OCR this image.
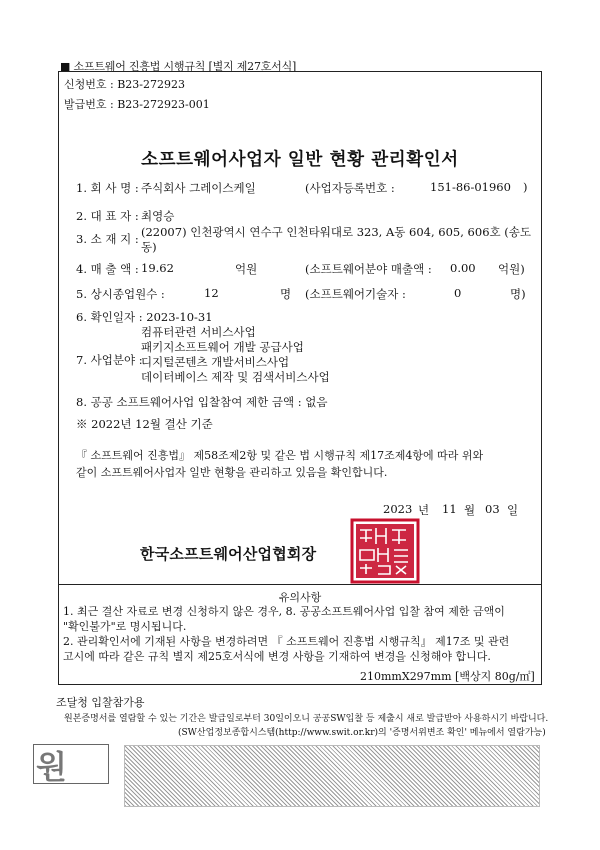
■ 소프트웨어 진흥법 시행규칙 [별지 제27호서식]
신청번호 : B23-272923
발급번호 : B23-272923-001
소프트웨어사업자 일반 현황 관리확인서
1. 회 사 명 : 주식회사 그레이스케일	(사업자등록번호 :	151-86-01960 )
2. 대 표 자 : 최영승
3. 소 재 지 : (22007) 인천광역시 연수구 인천타워대로 323, A동 604, 605, 606호 (송도
동)
4. 매 출 액 : 19.62	억원	(소프트웨어분야 매출액 : 0.00 억원)
5. 상시종업원수 :	12	명 (소프트웨어기술자 :	0	명)
6. 확인일자 : 2023-10-31
7. 사업분야 :
컴퓨터관련 서비스사업
패키지소프트웨어 개발 공급사업
디지털콘텐츠 개발서비스사업
데이터베이스 제작 및 검색서비스사업
8. 공공 소프트웨어사업 입찰참여 제한 금액 : 없음
※ 2022년 12월 결산 기준
『 소프트웨어 진흥법』 제58조제2항 및 같은 법 시행규칙 제17조제4항에 따라 위와
같이 소프트웨어사업자 일반 현황을 관리하고 있음을 확인합니다.
2023 년 11 월 03 일
한국소프트웨어산업협회장
유의사항
1. 최근 결산 자료로 변경 신청하지 않은 경우, 8. 공공소프트웨어사업 입찰 참여 제한 금액이
"확인불가"로 명시됩니다.
2. 관리확인서에 기재된 사항을 변경하려면 『 소프트웨어 진흥법 시행규칙』 제17조 및 관련
고시에 따라 같은 규칙 별지 제25호서식에 변경 사항을 기재하여 변경을 신청해야 합니다.
210mmX297mm [백상지 80g/㎡]
조달청 입찰참가용
원본증명서를 열람할 수 있는 기간은 발급일로부터 30일이오니 공공SW입찰 등 제출시 새로 발급받아 사용하시기 바랍니다.
(SW산업정보종합시스템(http://www.swit.or.kr)의 '증명서위변조 확인' 메뉴에서 열람가능)
원
